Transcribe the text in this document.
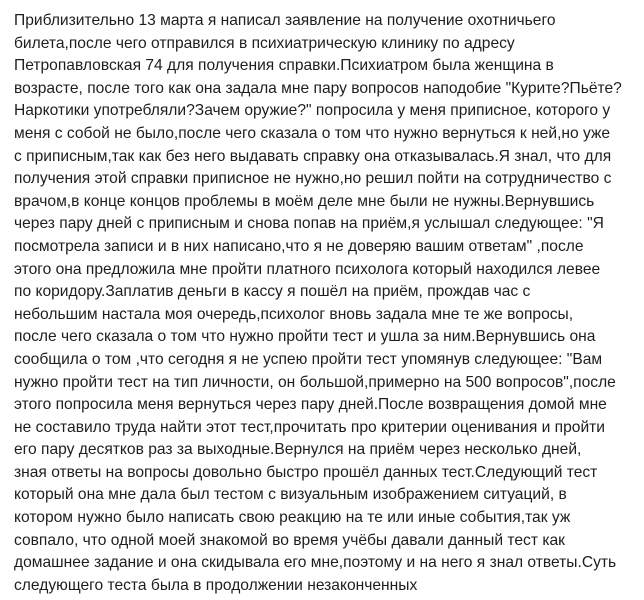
Приблизительно 13 марта я написал заявление на получение охотничьего
билета,после чего отправился в психиатрическую клинику по адресу
Петропавловская 74 для получения справки.Психиатром была женщина в
возрасте, после того как она задала мне пару вопросов наподобие "Курите?Пьёте?
Наркотики употребляли?Зачем оружие?" попросила у меня приписное, которого у
меня с собой не было,после чего сказала о том что нужно вернуться к ней,но уже
с приписным,так как без него выдавать справку она отказывалась.Я знал, что для
получения этой справки приписное не нужно,но решил пойти на сотрудничество с
врачом,в конце концов проблемы в моём деле мне были не нужны.Вернувшись
через пару дней с приписным и снова попав на приём,я услышал следующее: "Я
посмотрела записи и в них написано,что я не доверяю вашим ответам" ,после
этого она предложила мне пройти платного психолога который находился левее
по коридору.Заплатив деньги в кассу я пошёл на приём, прождав час с
небольшим настала моя очередь,психолог вновь задала мне те же вопросы,
после чего сказала о том что нужно пройти тест и ушла за ним.Вернувшись она
сообщила о том ,что сегодня я не успею пройти тест упомянув следующее: "Вам
нужно пройти тест на тип личности, он большой,примерно на 500 вопросов",после
этого попросила меня вернуться через пару дней.После возвращения домой мне
не составило труда найти этот тест,прочитать про критерии оценивания и пройти
его пару десятков раз за выходные.Вернулся на приём через несколько дней,
зная ответы на вопросы довольно быстро прошёл данных тест.Следующий тест
который она мне дала был тестом с визуальным изображением ситуаций, в
котором нужно было написать свою реакцию на те или иные события,так уж
совпало, что одной моей знакомой во время учёбы давали данный тест как
домашнее задание и она скидывала его мне,поэтому и на него я знал ответы.Суть
следующего теста была в продолжении незаконченных
